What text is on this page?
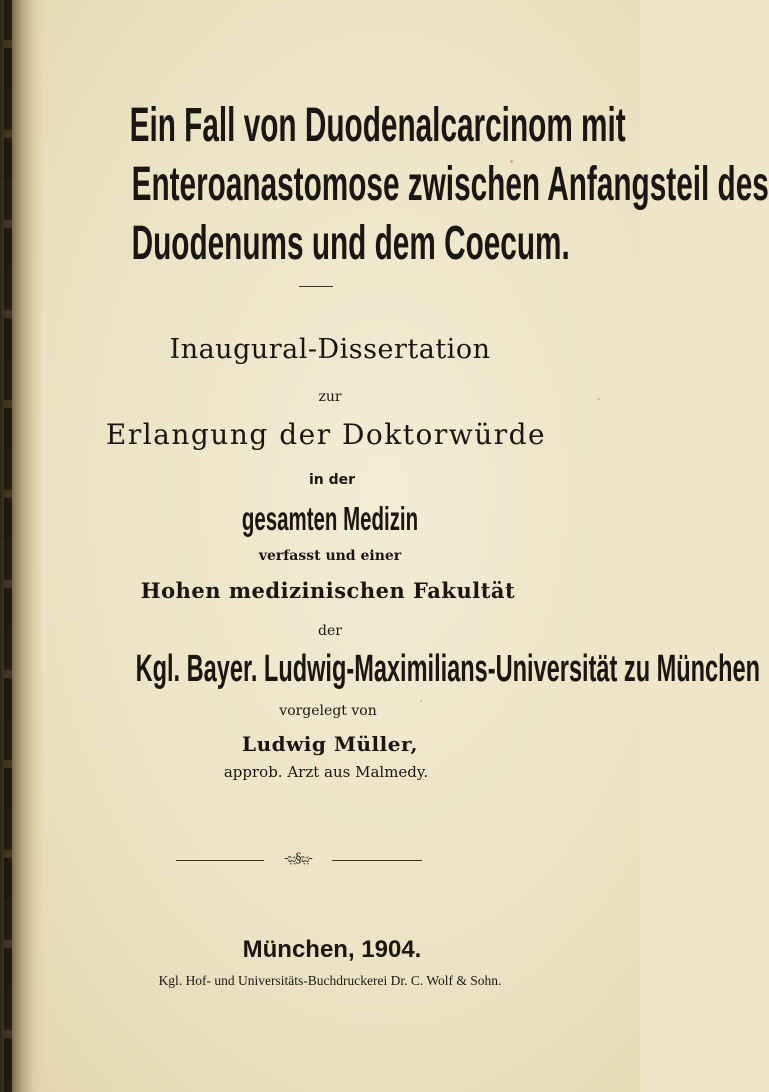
Ein Fall von Duodenalcarcinom mit
Enteroanastomose zwischen Anfangsteil des
Duodenums und dem Coecum.
Inaugural-Dissertation
zur
Erlangung der Doktorwürde
in der
gesamten Medizin
verfasst und einer
Hohen medizinischen Fakultät
der
Kgl. Bayer. Ludwig-Maximilians-Universität zu München
vorgelegt von
Ludwig Müller,
approb. Arzt aus Malmedy.
-ಜ಼§ಜ಼-
München, 1904.
Kgl. Hof- und Universitäts-Buchdruckerei Dr. C. Wolf & Sohn.
